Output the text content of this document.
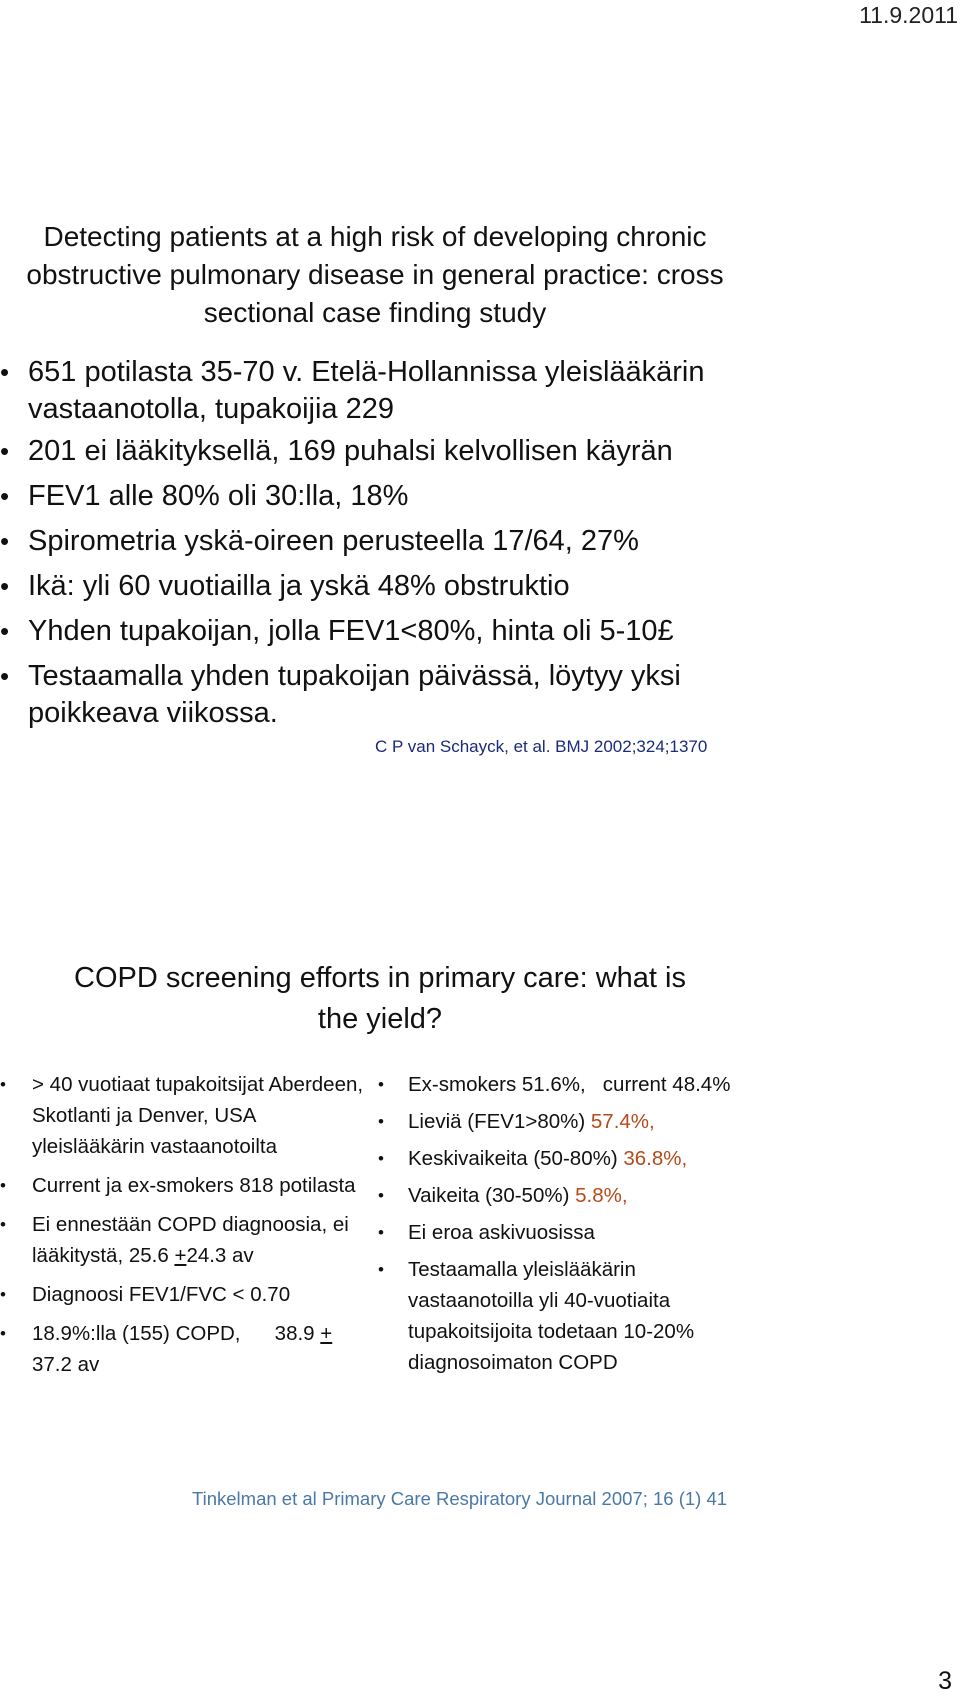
11.9.2011
Detecting patients at a high risk of developing chronic
obstructive pulmonary disease in general practice: cross
sectional case finding study
• 651 potilasta 35-70 v. Etelä-Hollannissa yleislääkärin vastaanotolla, tupakoijia 229
• 201 ei lääkityksellä, 169 puhalsi kelvollisen käyrän
• FEV1 alle 80% oli 30:lla, 18%
• Spirometria yskä-oireen perusteella 17/64, 27%
• Ikä: yli 60 vuotiailla ja yskä 48% obstruktio
• Yhden tupakoijan, jolla FEV1<80%, hinta oli 5-10£
• Testaamalla yhden tupakoijan päivässä, löytyy yksi poikkeava viikossa.
C P van Schayck, et al. BMJ 2002;324;1370
COPD screening efforts in primary care: what is
the yield?
• > 40 vuotiaat tupakoitsijat Aberdeen, Skotlanti ja Denver, USA yleislääkärin vastaanotoilta
• Current ja ex-smokers 818 potilasta
• Ei ennestään COPD diagnoosia, ei lääkitystä, 25.6 +24.3 av
• Diagnoosi FEV1/FVC < 0.70
• 18.9%:lla (155) COPD,      38.9 + 37.2 av
• Ex-smokers 51.6%,   current 48.4%
• Lieviä (FEV1>80%) 57.4%,
• Keskivaikeita (50-80%) 36.8%,
• Vaikeita (30-50%) 5.8%,
• Ei eroa askivuosissa
• Testaamalla yleislääkärin vastaanotoilla yli 40-vuotiaita tupakoitsijoita todetaan 10-20% diagnosoimaton COPD
Tinkelman et al Primary Care Respiratory Journal 2007; 16 (1) 41
3
